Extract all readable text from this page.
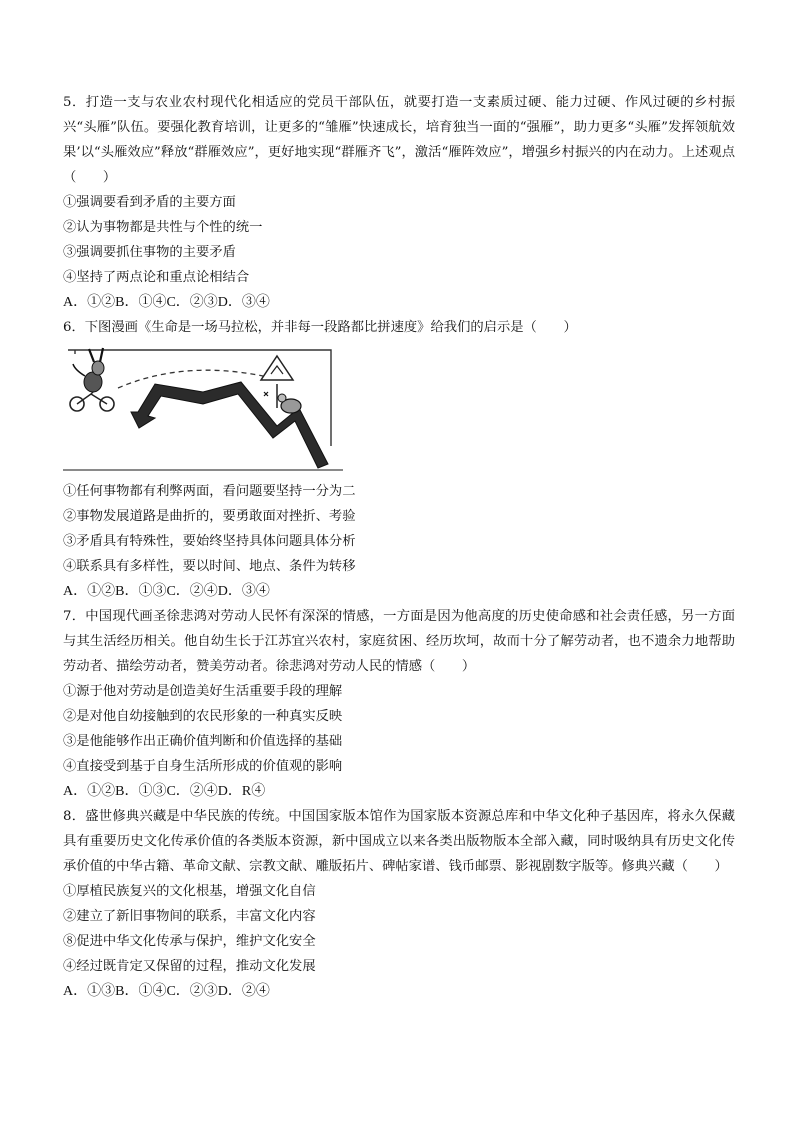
5．打造一支与农业农村现代化相适应的党员干部队伍，就要打造一支素质过硬、能力过硬、作风过硬的乡村振兴“头雁”队伍。要强化教育培训，让更多的“雏雁”快速成长，培育独当一面的“强雁”，助力更多“头雁”发挥领航效果’以“头雁效应”释放“群雁效应”，更好地实现“群雁齐飞”，激活“雁阵效应”，增强乡村振兴的内在动力。上述观点（　　）

①强调要看到矛盾的主要方面

②认为事物都是共性与个性的统一

③强调要抓住事物的主要矛盾

④坚持了两点论和重点论相结合

A．①②B．①④C．②③D．③④

6．下图漫画《生命是一场马拉松，并非每一段路都比拼速度》给我们的启示是（　　）

①任何事物都有利弊两面，看问题要坚持一分为二

②事物发展道路是曲折的，要勇敢面对挫折、考验

③矛盾具有特殊性，要始终坚持具体问题具体分析

④联系具有多样性，要以时间、地点、条件为转移

A．①②B．①③C．②④D．③④

7．中国现代画圣徐悲鸿对劳动人民怀有深深的情感，一方面是因为他高度的历史使命感和社会责任感，另一方面与其生活经历相关。他自幼生长于江苏宜兴农村，家庭贫困、经历坎坷，故而十分了解劳动者，也不遗余力地帮助劳动者、描绘劳动者，赞美劳动者。徐悲鸿对劳动人民的情感（　　）

①源于他对劳动是创造美好生活重要手段的理解

②是对他自幼接触到的农民形象的一种真实反映

③是他能够作出正确价值判断和价值选择的基础

④直接受到基于自身生活所形成的价值观的影响

A．①②B．①③C．②④D．R④

8．盛世修典兴藏是中华民族的传统。中国国家版本馆作为国家版本资源总库和中华文化种子基因库，将永久保藏具有重要历史文化传承价值的各类版本资源，新中国成立以来各类出版物版本全部入藏，同时吸纳具有历史文化传承价值的中华古籍、革命文献、宗教文献、雕版拓片、碑帖家谱、钱币邮票、影视剧数字版等。修典兴藏（　　）

①厚植民族复兴的文化根基，增强文化自信

②建立了新旧事物间的联系，丰富文化内容

⑧促进中华文化传承与保护，维护文化安全

④经过既肯定又保留的过程，推动文化发展

A．①③B．①④C．②③D．②④
